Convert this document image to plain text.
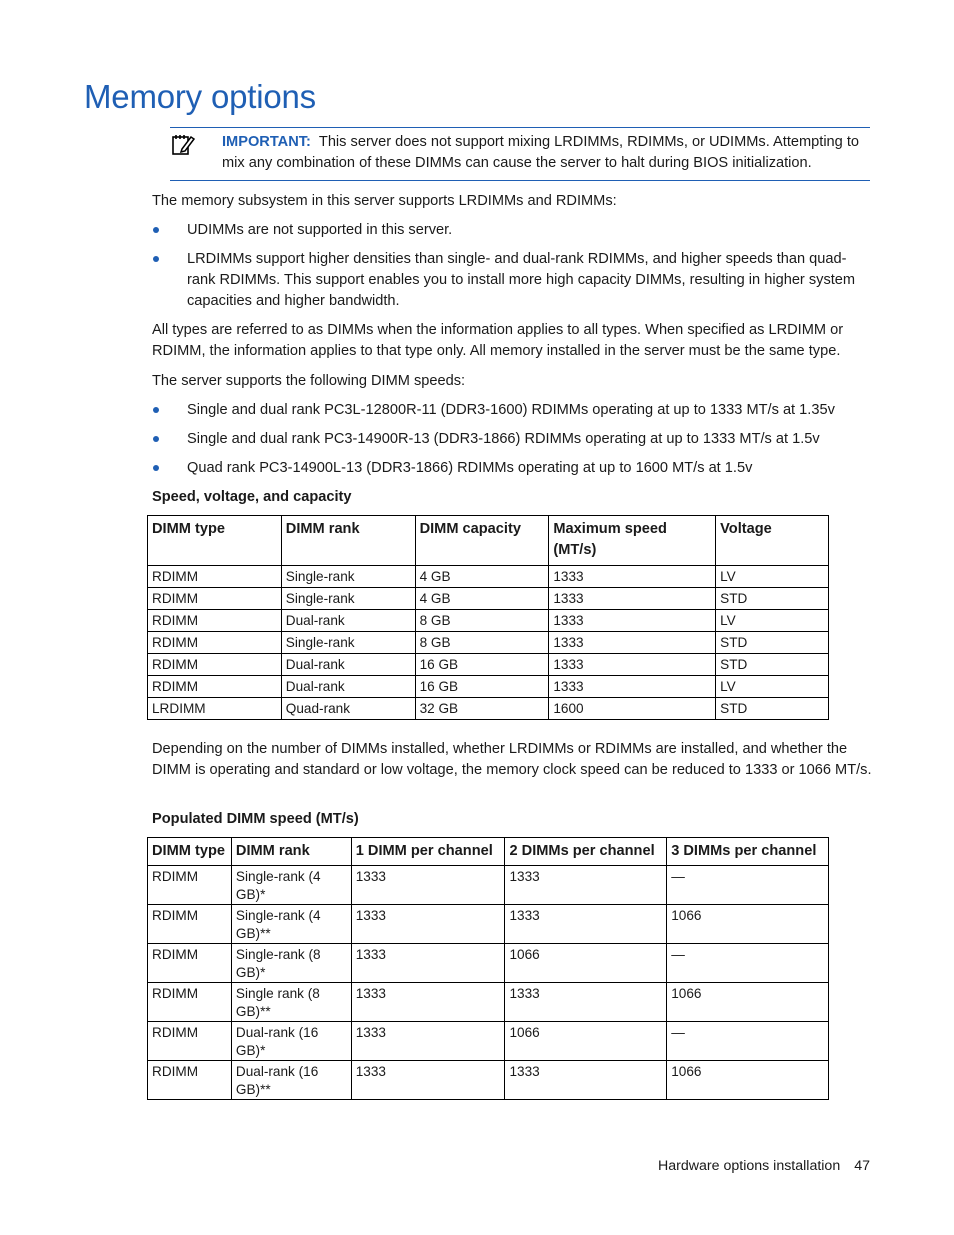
Memory options
IMPORTANT: This server does not support mixing LRDIMMs, RDIMMs, or UDIMMs. Attempting to mix any combination of these DIMMs can cause the server to halt during BIOS initialization.

The memory subsystem in this server supports LRDIMMs and RDIMMs:

UDIMMs are not supported in this server.
LRDIMMs support higher densities than single- and dual-rank RDIMMs, and higher speeds than quad-rank RDIMMs. This support enables you to install more high capacity DIMMs, resulting in higher system capacities and higher bandwidth.

All types are referred to as DIMMs when the information applies to all types. When specified as LRDIMM or RDIMM, the information applies to that type only. All memory installed in the server must be the same type.

The server supports the following DIMM speeds:

Single and dual rank PC3L-12800R-11 (DDR3-1600) RDIMMs operating at up to 1333 MT/s at 1.35v
Single and dual rank PC3-14900R-13 (DDR3-1866) RDIMMs operating at up to 1333 MT/s at 1.5v
Quad rank PC3-14900L-13 (DDR3-1866) RDIMMs operating at up to 1600 MT/s at 1.5v

Speed, voltage, and capacity

DIMM type	DIMM rank	DIMM capacity	Maximum speed (MT/s)	Voltage
RDIMM	Single-rank	4 GB	1333	LV
RDIMM	Single-rank	4 GB	1333	STD
RDIMM	Dual-rank	8 GB	1333	LV
RDIMM	Single-rank	8 GB	1333	STD
RDIMM	Dual-rank	16 GB	1333	STD
RDIMM	Dual-rank	16 GB	1333	LV
LRDIMM	Quad-rank	32 GB	1600	STD

Depending on the number of DIMMs installed, whether LRDIMMs or RDIMMs are installed, and whether the DIMM is operating and standard or low voltage, the memory clock speed can be reduced to 1333 or 1066 MT/s.

Populated DIMM speed (MT/s)

DIMM type	DIMM rank	1 DIMM per channel	2 DIMMs per channel	3 DIMMs per channel
RDIMM	Single-rank (4 GB)*	1333	1333	—
RDIMM	Single-rank (4 GB)**	1333	1333	1066
RDIMM	Single-rank (8 GB)*	1333	1066	—
RDIMM	Single rank (8 GB)**	1333	1333	1066
RDIMM	Dual-rank (16 GB)*	1333	1066	—
RDIMM	Dual-rank (16 GB)**	1333	1333	1066
Hardware options installation 47
